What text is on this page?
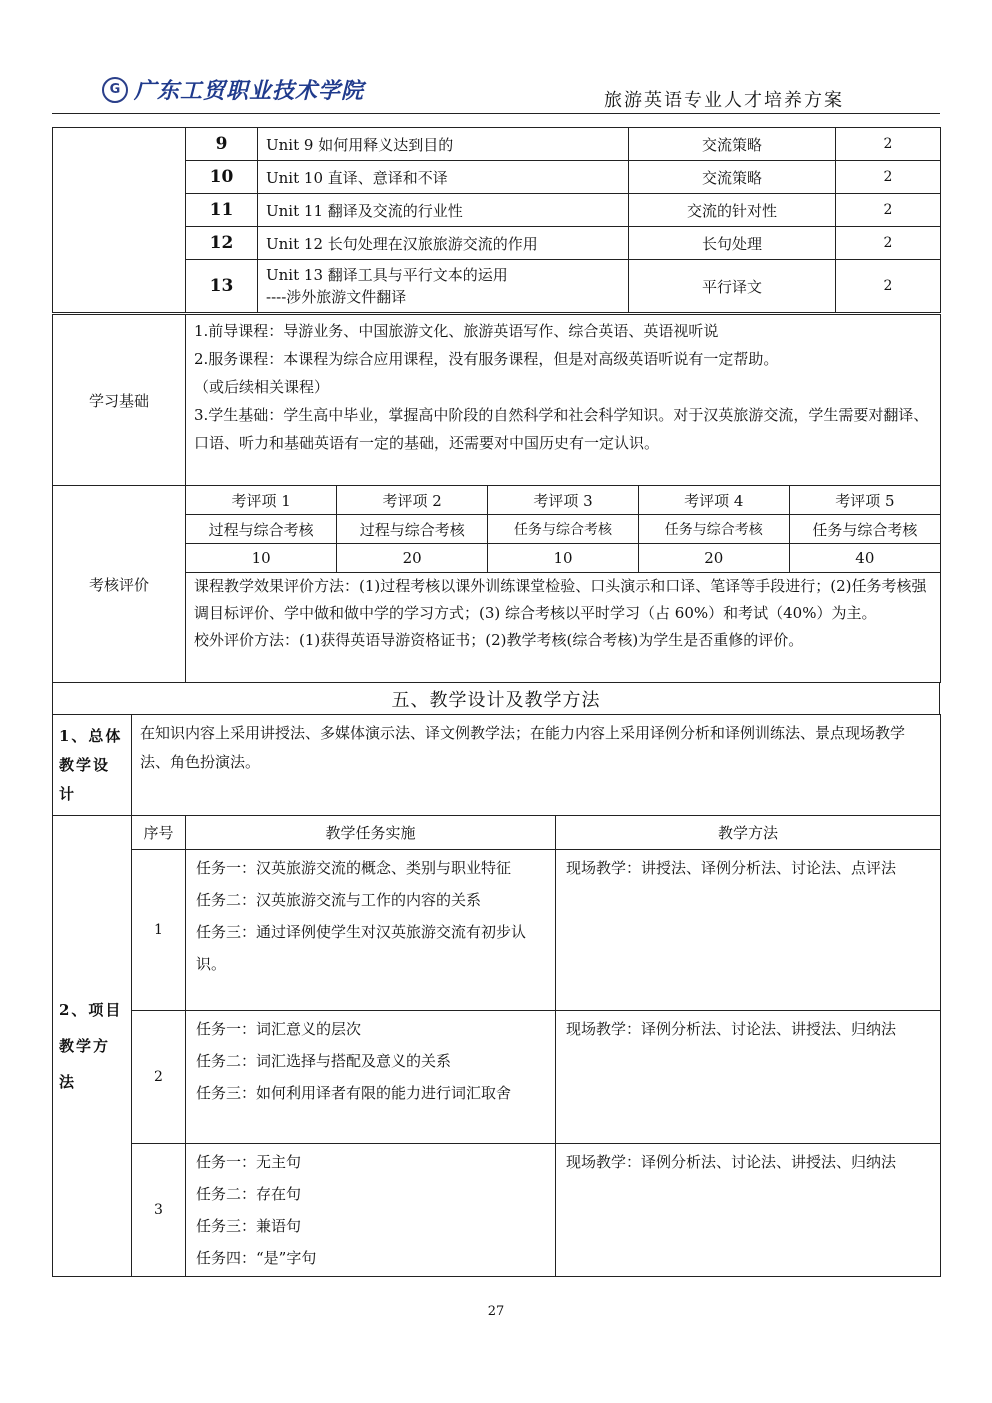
G 广东工贸职业技术学院	旅游英语专业人才培养方案
	9	Unit 9 如何用释义达到目的	交流策略	2
	10	Unit 10 直译、意译和不译	交流策略	2
	11	Unit 11 翻译及交流的行业性	交流的针对性	2
	12	Unit 12 长句处理在汉旅旅游交流的作用	长句处理	2
	13	Unit 13 翻译工具与平行文本的运用
----涉外旅游文件翻译	平行译文	2
学习基础	

1.前导课程：导游业务、中国旅游文化、旅游英语写作、综合英语、英语视听说

2.服务课程：本课程为综合应用课程，没有服务课程，但是对高级英语听说有一定帮助。

（或后续相关课程）

3.学生基础：学生高中毕业，掌握高中阶段的自然科学和社会科学知识。对于汉英旅游交流，学生需要对翻译、口语、听力和基础英语有一定的基础，还需要对中国历史有一定认识。

考核评价	
考评项 1	考评项 2	考评项 3	考评项 4	考评项 5
过程与综合考核	过程与综合考核	任务与综合考核	任务与综合考核	任务与综合考核
10	20	10	20	40

课程教学效果评价方法：(1)过程考核以课外训练课堂检验、口头演示和口译、笔译等手段进行；(2)任务考核强调目标评价、学中做和做中学的学习方式；(3) 综合考核以平时学习（占 60%）和考试（40%）为主。

校外评价方法：(1)获得英语导游资格证书；(2)教学考核(综合考核)为学生是否重修的评价。

五、教学设计及教学方法
1、总体教学设计	在知识内容上采用讲授法、多媒体演示法、译文例教学法；在能力内容上采用译例分析和译例训练法、景点现场教学法、角色扮演法。
2、项目教学方法	序号	教学任务实施	教学方法
	1	任务一：汉英旅游交流的概念、类别与职业特征
任务二：汉英旅游交流与工作的内容的关系
任务三：通过译例使学生对汉英旅游交流有初步认识。	现场教学：讲授法、译例分析法、讨论法、点评法
	2	任务一：词汇意义的层次
任务二：词汇选择与搭配及意义的关系
任务三：如何利用译者有限的能力进行词汇取舍	现场教学：译例分析法、讨论法、讲授法、归纳法
	3	任务一：无主句
任务二：存在句
任务三：兼语句
任务四：“是”字句	现场教学：译例分析法、讨论法、讲授法、归纳法
27
